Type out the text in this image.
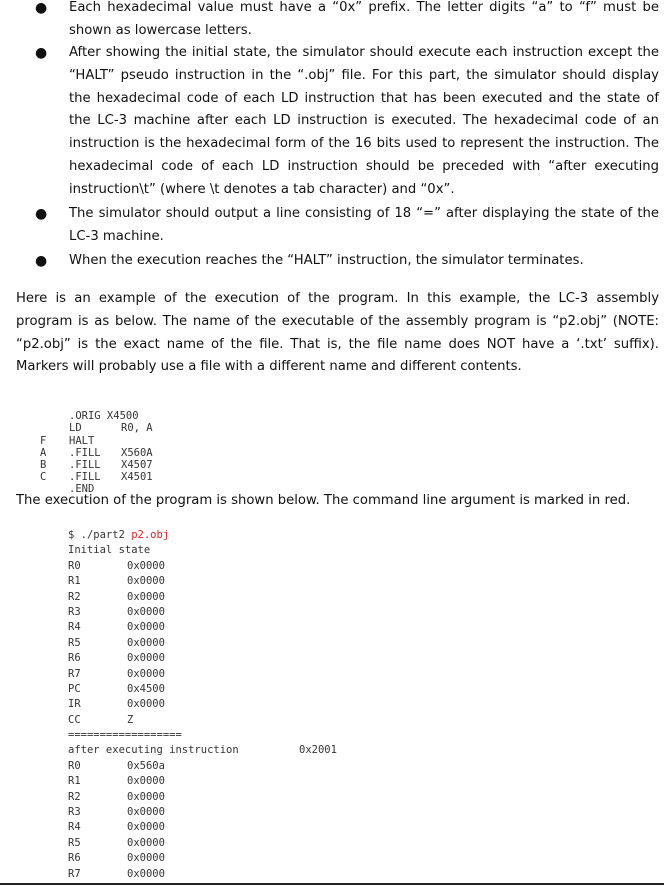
● Each hexadecimal value must have a “0x” prefix. The letter digits “a” to “f” must be shown as lowercase letters.
● After showing the initial state, the simulator should execute each instruction except the “HALT” pseudo instruction in the “.obj” file. For this part, the simulator should display the hexadecimal code of each LD instruction that has been executed and the state of the LC-3 machine after each LD instruction is executed. The hexadecimal code of an instruction is the hexadecimal form of the 16 bits used to represent the instruction. The hexadecimal code of each LD instruction should be preceded with “after executing instruction\t” (where \t denotes a tab character) and “0x”.
● The simulator should output a line consisting of 18 “=” after displaying the state of the LC-3 machine.
● When the execution reaches the “HALT” instruction, the simulator terminates.
Here is an example of the execution of the program. In this example, the LC-3 assembly program is as below. The name of the executable of the assembly program is “p2.obj” (NOTE: “p2.obj” is the exact name of the file. That is, the file name does NOT have a ‘.txt’ suffix). Markers will probably use a file with a different name and different contents.

.ORIG X4500

LD	R0, A

F HALT

A .FILL X560A

B .FILL X4507

C .FILL X4501

.END

The execution of the program is shown below. The command line argument is marked in red.
$ ./part2 p2.obj
Initial state
R0	0x0000
R1	0x0000
R2	0x0000
R3	0x0000
R4	0x0000
R5	0x0000
R6	0x0000
R7	0x0000
PC	0x4500
IR	0x0000
CC	Z
==================
after executing instruction	0x2001
R0	0x560a
R1	0x0000
R2	0x0000
R3	0x0000
R4	0x0000
R5	0x0000
R6	0x0000
R7	0x0000
